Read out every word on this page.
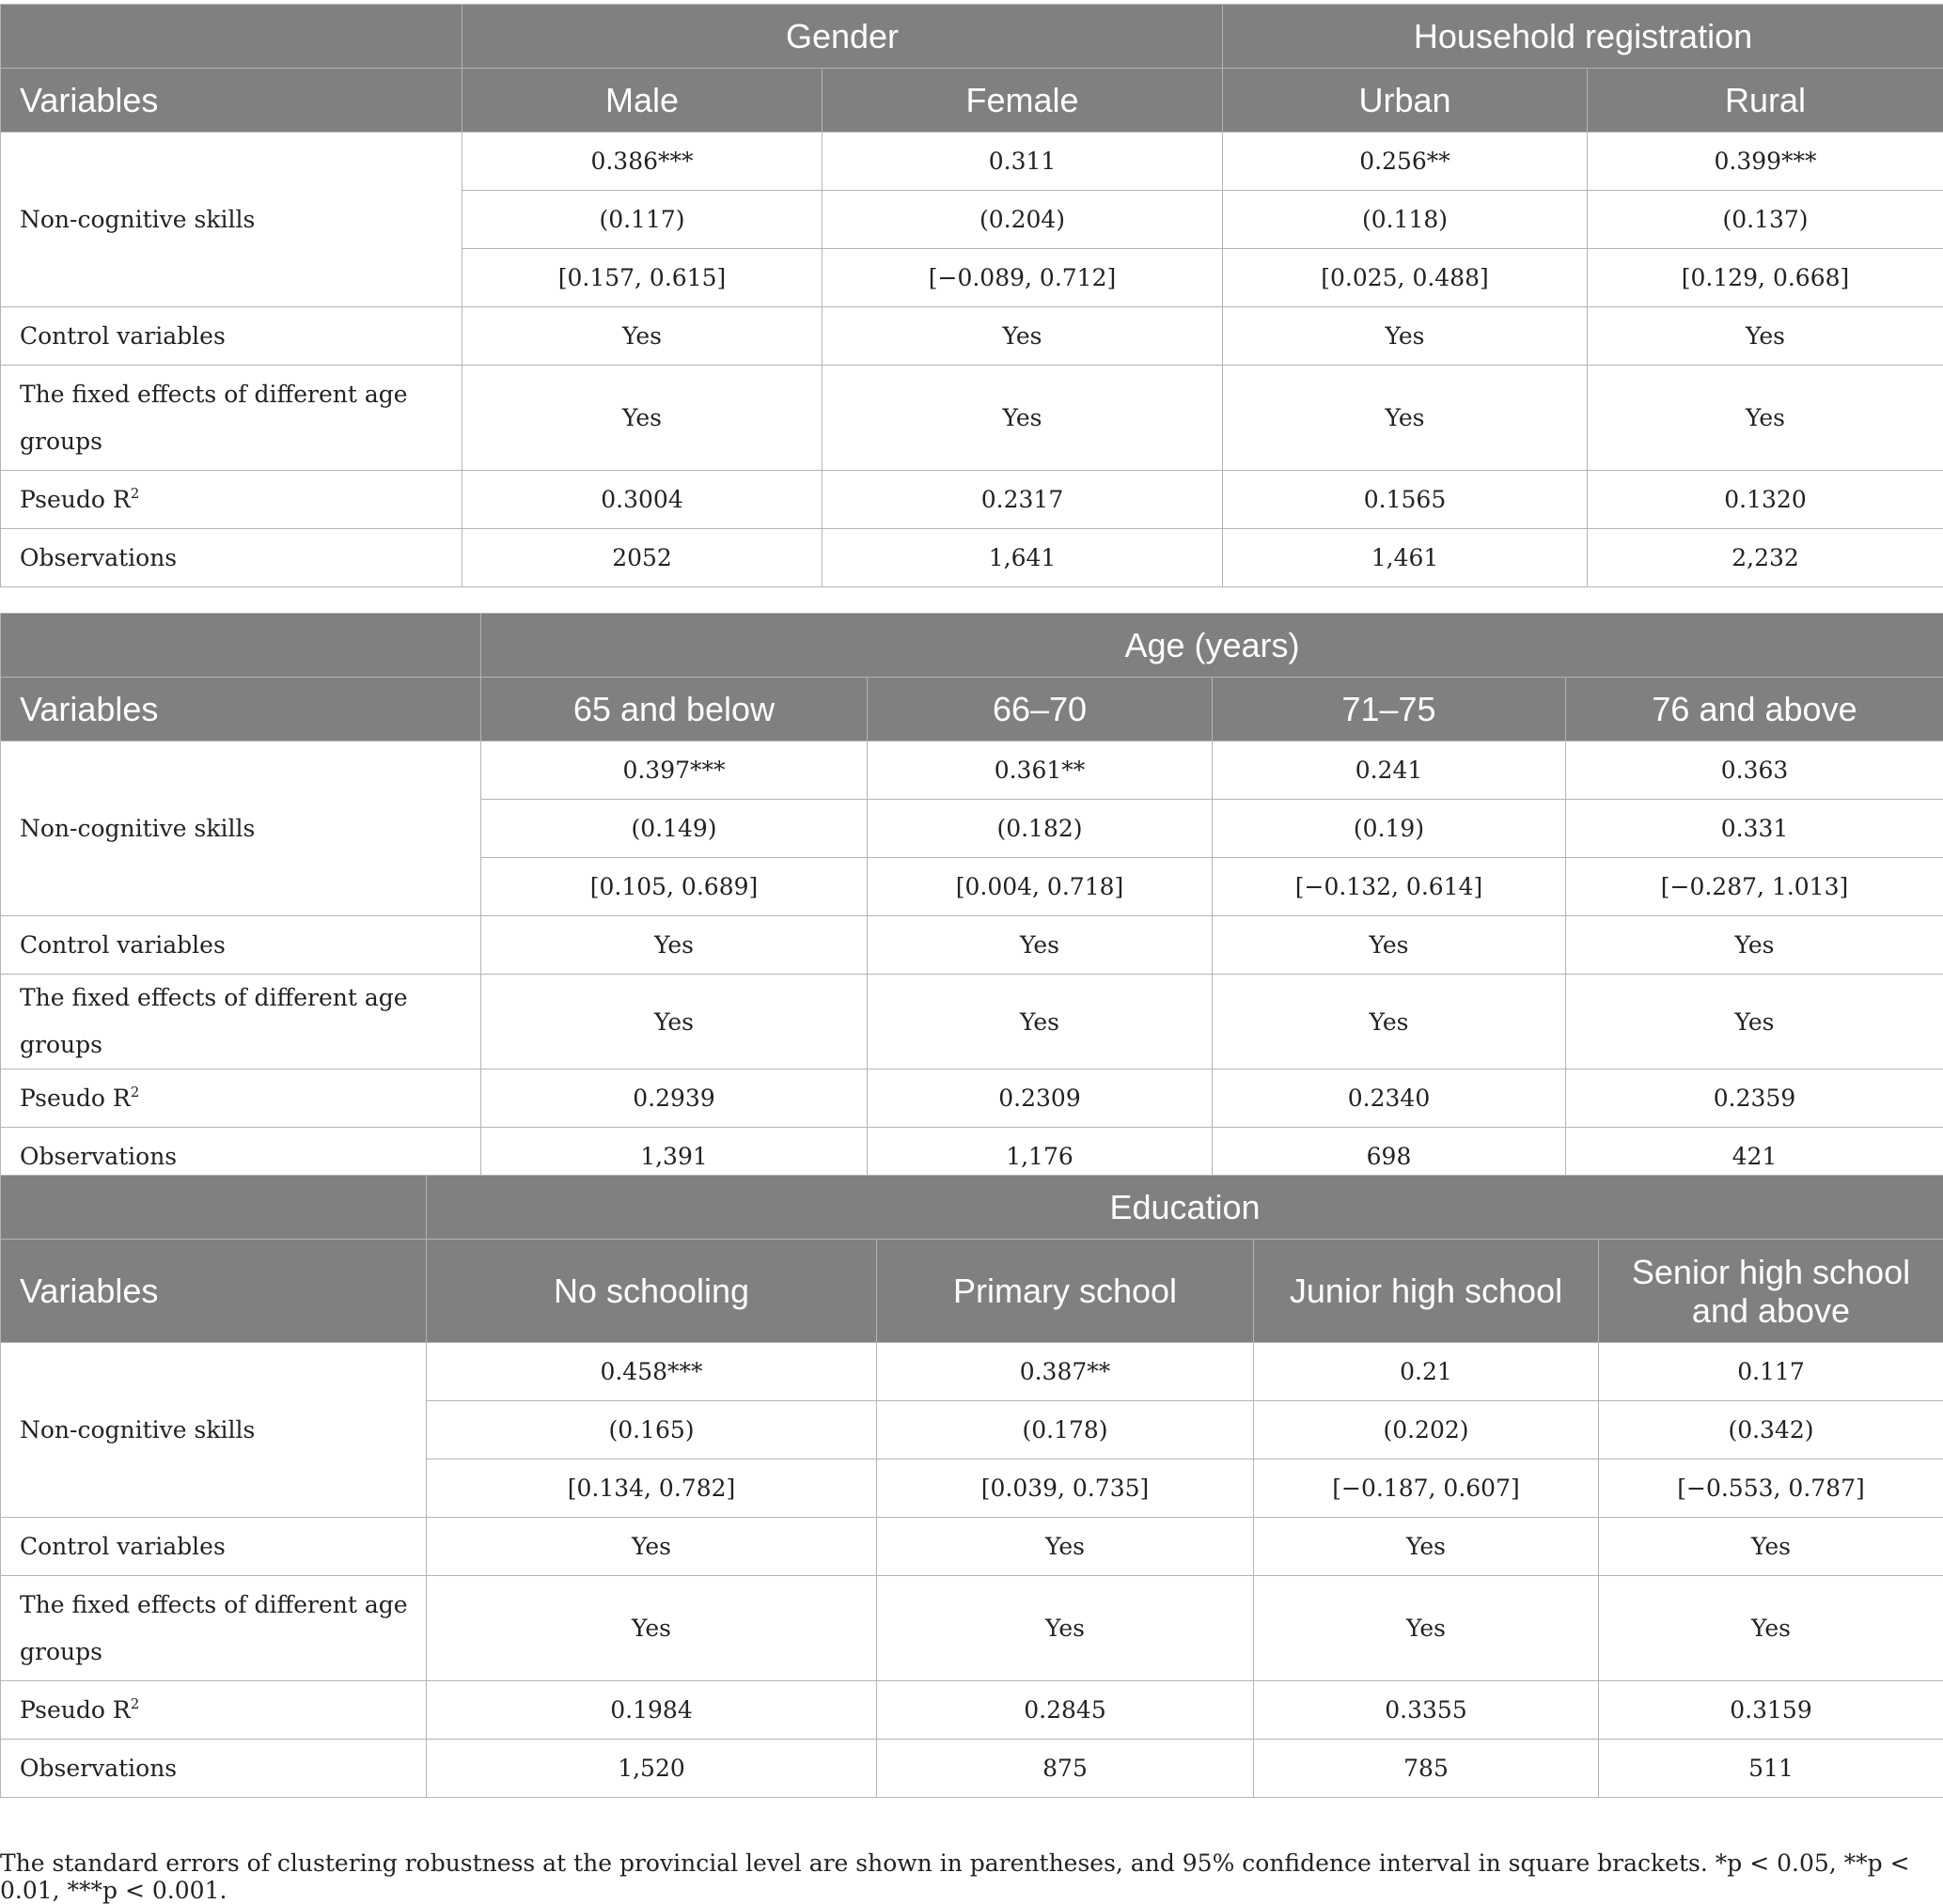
	Gender		Household registration	
Variables	Male	Female	Urban	Rural
Non-cognitive skills	0.386***	0.311	0.256**	0.399***
	(0.117)	(0.204)	(0.118)	(0.137)
	[0.157, 0.615]	[−0.089, 0.712]	[0.025, 0.488]	[0.129, 0.668]
Control variables	Yes	Yes	Yes	Yes
The fixed effects of different age groups	Yes	Yes	Yes	Yes
Pseudo $R^2$	0.3004	0.2317	0.1565	0.1320
Observations	2052	1,641	1,461	2,232
	Age (years)			
Variables	65 and below	66–70	71–75	76 and above
Non-cognitive skills	0.397***	0.361**	0.241	0.363
	(0.149)	(0.182)	(0.19)	0.331
	[0.105, 0.689]	[0.004, 0.718]	[−0.132, 0.614]	[−0.287, 1.013]
Control variables	Yes	Yes	Yes	Yes
The fixed effects of different age groups	Yes	Yes	Yes	Yes
Pseudo $R^2$	0.2939	0.2309	0.2340	0.2359
Observations	1,391	1,176	698	421
	Education			
Variables	No schooling	Primary school	Junior high school	Senior high school and above
Non-cognitive skills	0.458***	0.387**	0.21	0.117
	(0.165)	(0.178)	(0.202)	(0.342)
	[0.134, 0.782]	[0.039, 0.735]	[−0.187, 0.607]	[−0.553, 0.787]
Control variables	Yes	Yes	Yes	Yes
The fixed effects of different age groups	Yes	Yes	Yes	Yes
Pseudo $R^2$	0.1984	0.2845	0.3355	0.3159
Observations	1,520	875	785	511
The standard errors of clustering robustness at the provincial level are shown in parentheses, and 95% confidence interval in square brackets. *p < 0.05, **p < 0.01, ***p < 0.001.
